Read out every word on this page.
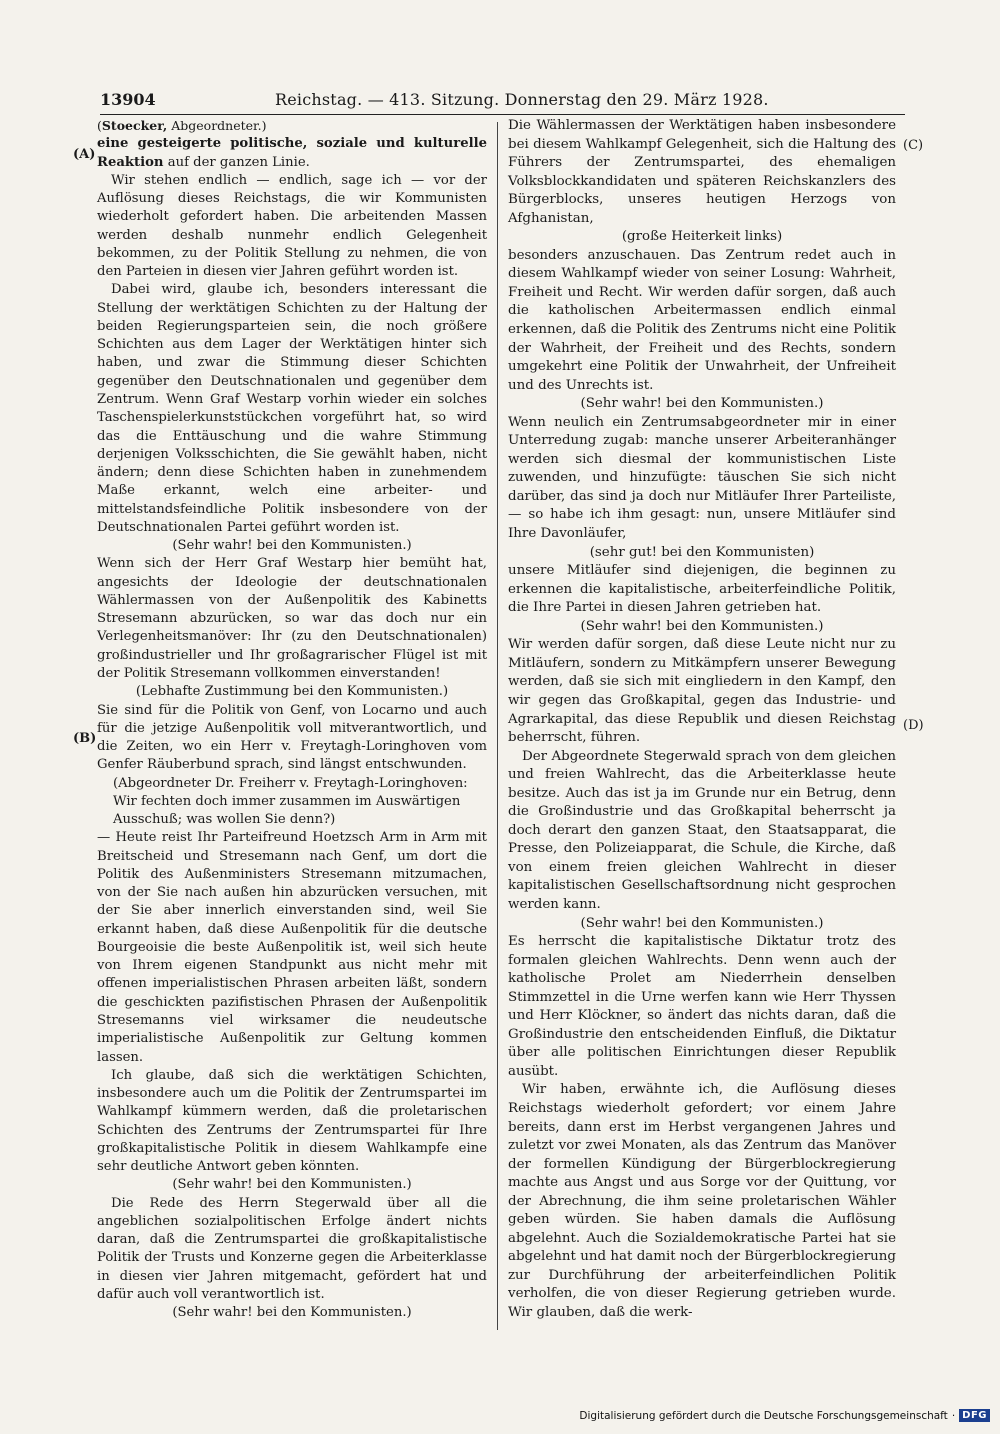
13904	Reichstag. — 413. Sitzung. Donnerstag den 29. März 1928.
(A)
(B)
(C)
(D)

(Stoecker, Abgeordneter.)

eine gesteigerte politische, soziale und kulturelle Reaktion auf der ganzen Linie.

Wir stehen endlich — endlich, sage ich — vor der Auflösung dieses Reichstags, die wir Kommunisten wiederholt gefordert haben. Die arbeitenden Massen werden deshalb nunmehr endlich Gelegenheit bekommen, zu der Politik Stellung zu nehmen, die von den Parteien in diesen vier Jahren geführt worden ist.

Dabei wird, glaube ich, besonders interessant die Stellung der werktätigen Schichten zu der Haltung der beiden Regierungsparteien sein, die noch größere Schichten aus dem Lager der Werktätigen hinter sich haben, und zwar die Stimmung dieser Schichten gegenüber den Deutschnationalen und gegenüber dem Zentrum. Wenn Graf Westarp vorhin wieder ein solches Taschenspielerkunststückchen vorgeführt hat, so wird das die Enttäuschung und die wahre Stimmung derjenigen Volksschichten, die Sie gewählt haben, nicht ändern; denn diese Schichten haben in zunehmendem Maße erkannt, welch eine arbeiter- und mittelstandsfeindliche Politik insbesondere von der Deutschnationalen Partei geführt worden ist.

(Sehr wahr! bei den Kommunisten.)

Wenn sich der Herr Graf Westarp hier bemüht hat, angesichts der Ideologie der deutschnationalen Wählermassen von der Außenpolitik des Kabinetts Stresemann abzurücken, so war das doch nur ein Verlegenheitsmanöver: Ihr (zu den Deutschnationalen) großindustrieller und Ihr großagrarischer Flügel ist mit der Politik Stresemann vollkommen einverstanden!

(Lebhafte Zustimmung bei den Kommunisten.)

Sie sind für die Politik von Genf, von Locarno und auch für die jetzige Außenpolitik voll mitverantwortlich, und die Zeiten, wo ein Herr v. Freytagh-Loringhoven vom Genfer Räuberbund sprach, sind längst entschwunden.

(Abgeordneter Dr. Freiherr v. Freytagh-Loringhoven: Wir fechten doch immer zusammen im Auswärtigen Ausschuß; was wollen Sie denn?)

— Heute reist Ihr Parteifreund Hoetzsch Arm in Arm mit Breitscheid und Stresemann nach Genf, um dort die Politik des Außenministers Stresemann mitzumachen, von der Sie nach außen hin abzurücken versuchen, mit der Sie aber innerlich einverstanden sind, weil Sie erkannt haben, daß diese Außenpolitik für die deutsche Bourgeoisie die beste Außenpolitik ist, weil sich heute von Ihrem eigenen Standpunkt aus nicht mehr mit offenen imperialistischen Phrasen arbeiten läßt, sondern die geschickten pazifistischen Phrasen der Außenpolitik Stresemanns viel wirksamer die neudeutsche imperialistische Außenpolitik zur Geltung kommen lassen.

Ich glaube, daß sich die werktätigen Schichten, insbesondere auch um die Politik der Zentrumspartei im Wahlkampf kümmern werden, daß die proletarischen Schichten des Zentrums der Zentrumspartei für Ihre großkapitalistische Politik in diesem Wahlkampfe eine sehr deutliche Antwort geben könnten.

(Sehr wahr! bei den Kommunisten.)

Die Rede des Herrn Stegerwald über all die angeblichen sozialpolitischen Erfolge ändert nichts daran, daß die Zentrumspartei die großkapitalistische Politik der Trusts und Konzerne gegen die Arbeiterklasse in diesen vier Jahren mitgemacht, gefördert hat und dafür auch voll verantwortlich ist.

(Sehr wahr! bei den Kommunisten.)

Die Wählermassen der Werktätigen haben insbesondere bei diesem Wahlkampf Gelegenheit, sich die Haltung des Führers der Zentrumspartei, des ehemaligen Volksblockkandidaten und späteren Reichskanzlers des Bürgerblocks, unseres heutigen Herzogs von Afghanistan,

(große Heiterkeit links)

besonders anzuschauen. Das Zentrum redet auch in diesem Wahlkampf wieder von seiner Losung: Wahrheit, Freiheit und Recht. Wir werden dafür sorgen, daß auch die katholischen Arbeitermassen endlich einmal erkennen, daß die Politik des Zentrums nicht eine Politik der Wahrheit, der Freiheit und des Rechts, sondern umgekehrt eine Politik der Unwahrheit, der Unfreiheit und des Unrechts ist.

(Sehr wahr! bei den Kommunisten.)

Wenn neulich ein Zentrumsabgeordneter mir in einer Unterredung zugab: manche unserer Arbeiteranhänger werden sich diesmal der kommunistischen Liste zuwenden, und hinzufügte: täuschen Sie sich nicht darüber, das sind ja doch nur Mitläufer Ihrer Parteiliste, — so habe ich ihm gesagt: nun, unsere Mitläufer sind Ihre Davonläufer,

(sehr gut! bei den Kommunisten)

unsere Mitläufer sind diejenigen, die beginnen zu erkennen die kapitalistische, arbeiterfeindliche Politik, die Ihre Partei in diesen Jahren getrieben hat.

(Sehr wahr! bei den Kommunisten.)

Wir werden dafür sorgen, daß diese Leute nicht nur zu Mitläufern, sondern zu Mitkämpfern unserer Bewegung werden, daß sie sich mit eingliedern in den Kampf, den wir gegen das Großkapital, gegen das Industrie- und Agrarkapital, das diese Republik und diesen Reichstag beherrscht, führen.

Der Abgeordnete Stegerwald sprach von dem gleichen und freien Wahlrecht, das die Arbeiterklasse heute besitze. Auch das ist ja im Grunde nur ein Betrug, denn die Großindustrie und das Großkapital beherrscht ja doch derart den ganzen Staat, den Staatsapparat, die Presse, den Polizeiapparat, die Schule, die Kirche, daß von einem freien gleichen Wahlrecht in dieser kapitalistischen Gesellschaftsordnung nicht gesprochen werden kann.

(Sehr wahr! bei den Kommunisten.)

Es herrscht die kapitalistische Diktatur trotz des formalen gleichen Wahlrechts. Denn wenn auch der katholische Prolet am Niederrhein denselben Stimmzettel in die Urne werfen kann wie Herr Thyssen und Herr Klöckner, so ändert das nichts daran, daß die Großindustrie den entscheidenden Einfluß, die Diktatur über alle politischen Einrichtungen dieser Republik ausübt.

Wir haben, erwähnte ich, die Auflösung dieses Reichstags wiederholt gefordert; vor einem Jahre bereits, dann erst im Herbst vergangenen Jahres und zuletzt vor zwei Monaten, als das Zentrum das Manöver der formellen Kündigung der Bürgerblockregierung machte aus Angst und aus Sorge vor der Quittung, vor der Abrechnung, die ihm seine proletarischen Wähler geben würden. Sie haben damals die Auflösung abgelehnt. Auch die Sozialdemokratische Partei hat sie abgelehnt und hat damit noch der Bürgerblockregierung zur Durchführung der arbeiterfeindlichen Politik verholfen, die von dieser Regierung getrieben wurde. Wir glauben, daß die werk-

Digitalisierung gefördert durch die Deutsche Forschungsgemeinschaft · DFG
